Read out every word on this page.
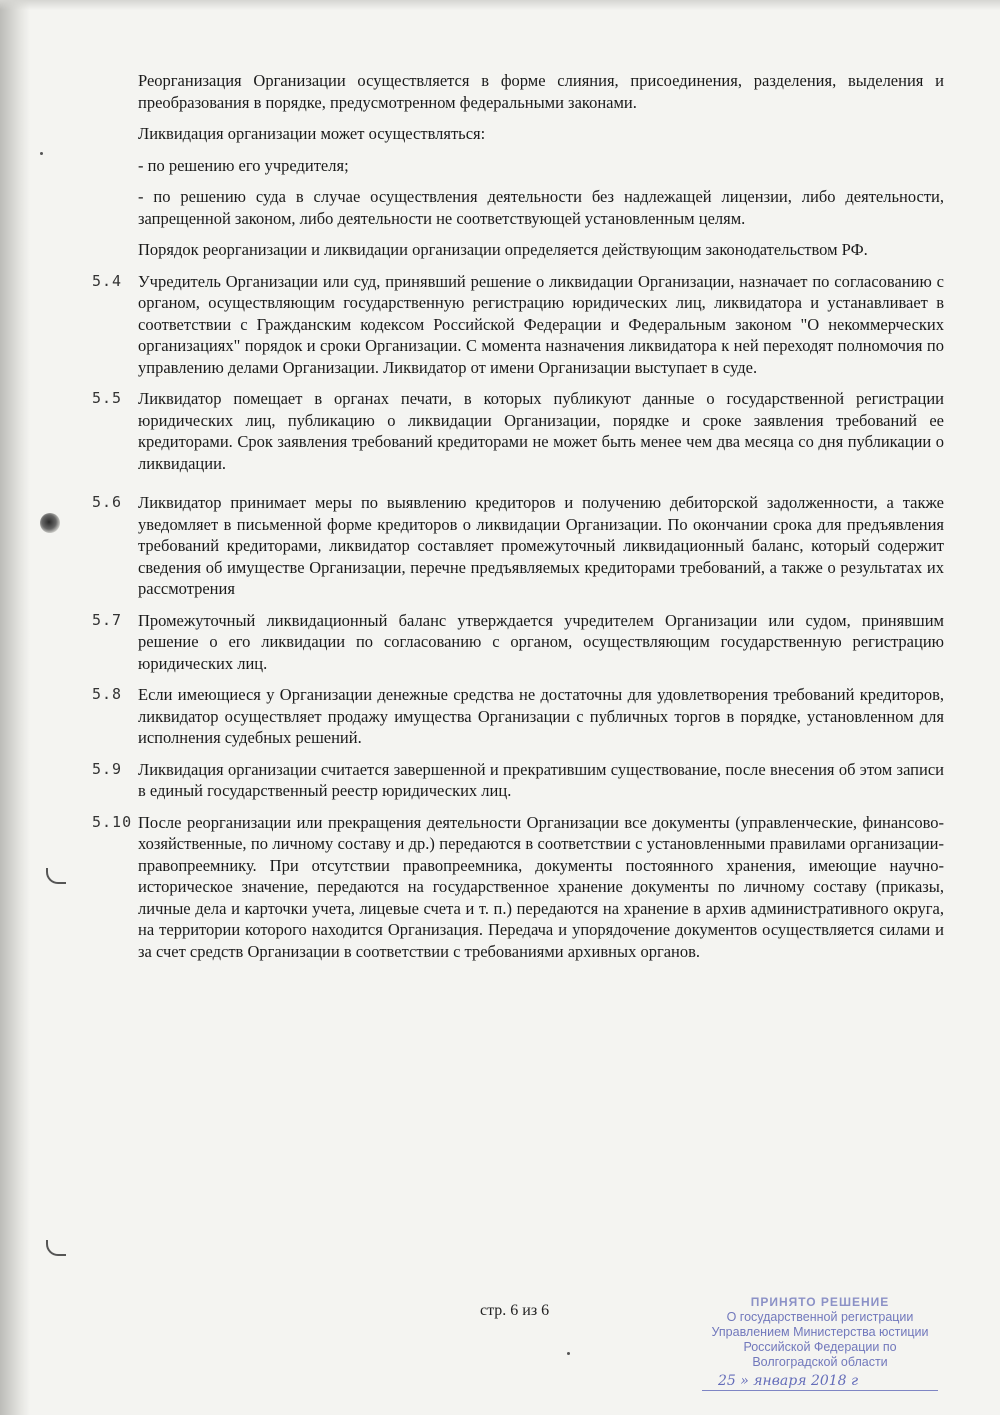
Реорганизация Организации осуществляется в форме слияния, присоединения, разделения, выделения и преобразования в порядке, предусмотренном федеральными законами.

Ликвидация организации может осуществляться:

- по решению его учредителя;

- по решению суда в случае осуществления деятельности без надлежащей лицензии, либо деятельности, запрещенной законом, либо деятельности не соответствующей установленным целям.

Порядок реорганизации и ликвидации организации определяется действующим законодательством РФ.

5.4 Учредитель Организации или суд, принявший решение о ликвидации Организации, назначает по согласованию с органом, осуществляющим государственную регистрацию юридических лиц, ликвидатора и устанавливает в соответствии с Гражданским кодексом Российской Федерации и Федеральным законом "О некоммерческих организациях" порядок и сроки Организации. С момента назначения ликвидатора к ней переходят полномочия по управлению делами Организации. Ликвидатор от имени Организации выступает в суде.
5.5 Ликвидатор помещает в органах печати, в которых публикуют данные о государственной регистрации юридических лиц, публикацию о ликвидации Организации, порядке и сроке заявления требований ее кредиторами. Срок заявления требований кредиторами не может быть менее чем два месяца со дня публикации о ликвидации.
5.6 Ликвидатор принимает меры по выявлению кредиторов и получению дебиторской задолженности, а также уведомляет в письменной форме кредиторов о ликвидации Организации. По окончании срока для предъявления требований кредиторами, ликвидатор составляет промежуточный ликвидационный баланс, который содержит сведения об имуществе Организации, перечне предъявляемых кредиторами требований, а также о результатах их рассмотрения
5.7 Промежуточный ликвидационный баланс утверждается учредителем Организации или судом, принявшим решение о его ликвидации по согласованию с органом, осуществляющим государственную регистрацию юридических лиц.
5.8 Если имеющиеся у Организации денежные средства не достаточны для удовлетворения требований кредиторов, ликвидатор осуществляет продажу имущества Организации с публичных торгов в порядке, установленном для исполнения судебных решений.
5.9 Ликвидация организации считается завершенной и прекратившим существование, после внесения об этом записи в единый государственный реестр юридических лиц.
5.10 После реорганизации или прекращения деятельности Организации все документы (управленческие, финансово-хозяйственные, по личному составу и др.) передаются в соответствии с установленными правилами организации-правопреемнику. При отсутствии правопреемника, документы постоянного хранения, имеющие научно-историческое значение, передаются на государственное хранение документы по личному составу (приказы, личные дела и карточки учета, лицевые счета и т. п.) передаются на хранение в архив административного округа, на территории которого находится Организация. Передача и упорядочение документов осуществляется силами и за счет средств Организации в соответствии с требованиями архивных органов.
стр. 6 из 6	ПРИНЯТО РЕШЕНИЕ
О государственной регистрации
Управлением Министерства юстиции
Российской Федерации по
Волгоградской области
25 » января 2018 г
